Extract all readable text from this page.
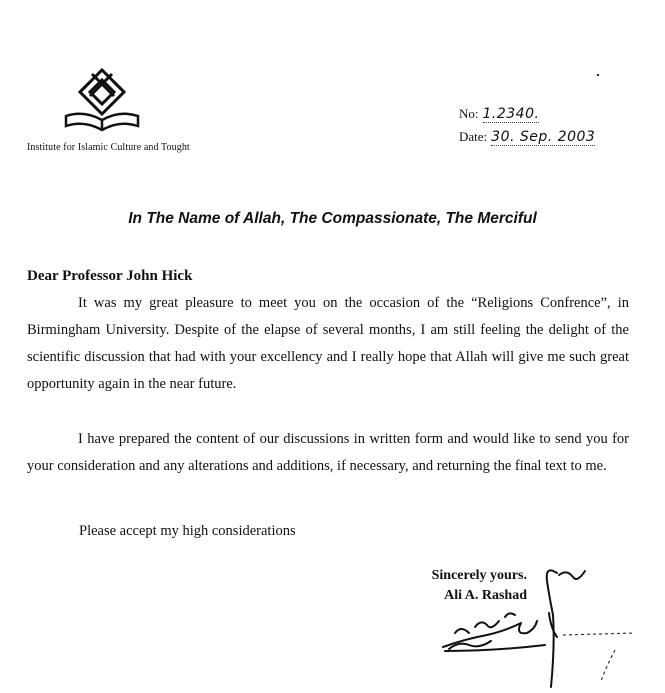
Institute for Islamic Culture and Tought
No: 1.2340.
Date: 30. Sep. 2003
In The Name of Allah, The Compassionate, The Merciful
Dear Professor John Hick

It was my great pleasure to meet you on the occasion of the “Religions Confrence”, in Birmingham University. Despite of the elapse of several months, I am still feeling the delight of the scientific discussion that had with your excellency and I really hope that Allah will give me such great opportunity again in the near future.

I have prepared the content of our discussions in written form and would like to send you for your consideration and any alterations and additions, if necessary, and returning the final text to me.

Please accept my high considerations
Sincerely yours.
Ali A. Rashad
